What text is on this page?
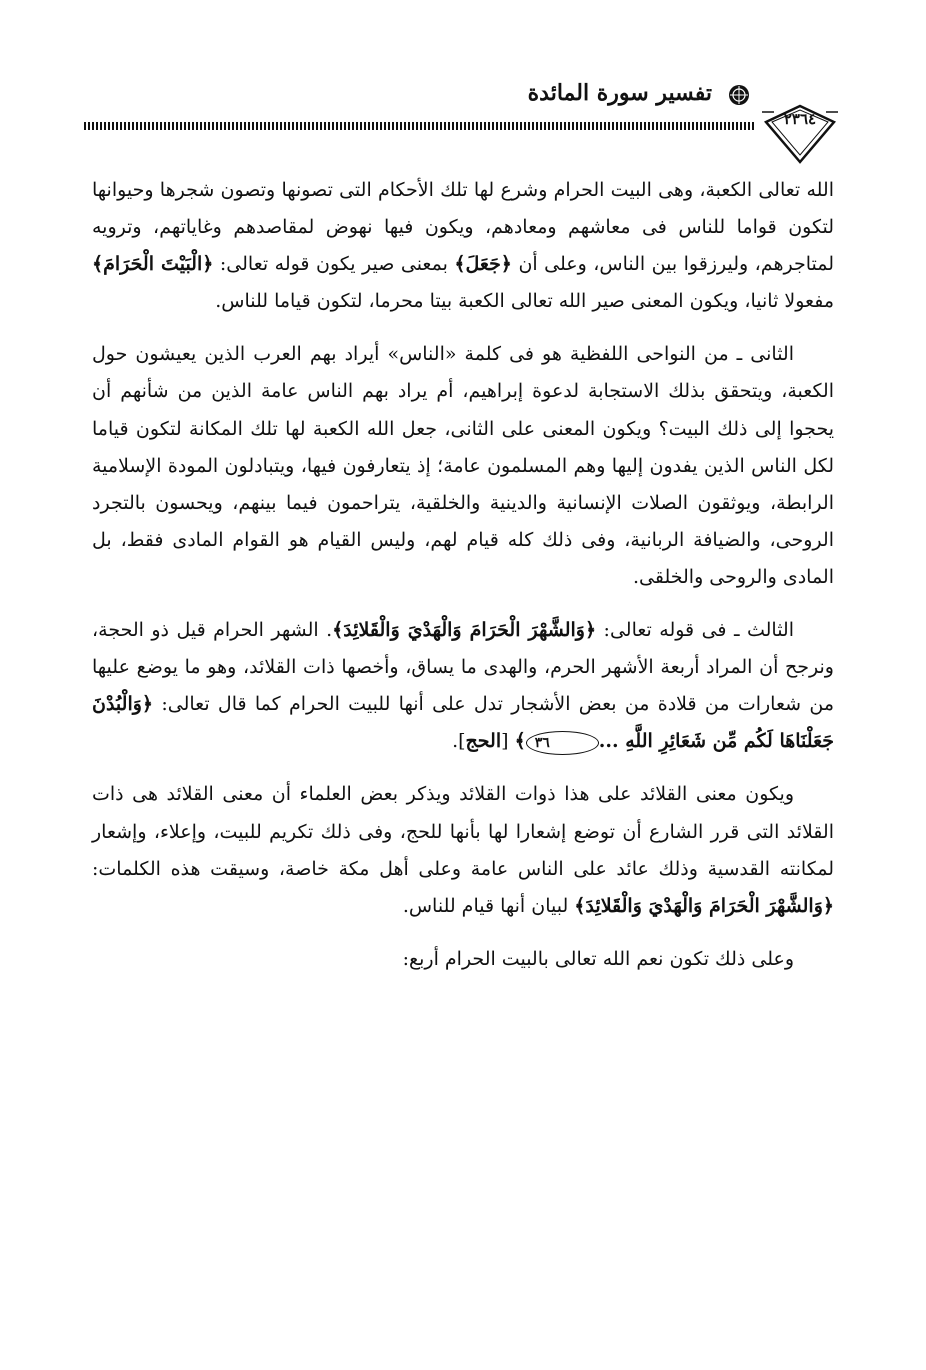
تفسير سورة المائدة
٢٣٦٤

الله تعالى الكعبة، وهى البيت الحرام وشرع لها تلك الأحكام التى تصونها وتصون شجرها وحيوانها لتكون قواما للناس فى معاشهم ومعادهم، ويكون فيها نهوض لمقاصدهم وغاياتهم، وترويه لمتاجرهم، وليرزقوا بين الناس، وعلى أن ﴿جَعَلَ﴾ بمعنى صير يكون قوله تعالى: ﴿الْبَيْتَ الْحَرَامَ﴾ مفعولا ثانيا، ويكون المعنى صير الله تعالى الكعبة بيتا محرما، لتكون قياما للناس.

الثانى ـ من النواحى اللفظية هو فى كلمة «الناس» أيراد بهم العرب الذين يعيشون حول الكعبة، ويتحقق بذلك الاستجابة لدعوة إبراهيم، أم يراد بهم الناس عامة الذين من شأنهم أن يحجوا إلى ذلك البيت؟ ويكون المعنى على الثانى، جعل الله الكعبة لها تلك المكانة لتكون قياما لكل الناس الذين يفدون إليها وهم المسلمون عامة؛ إذ يتعارفون فيها، ويتبادلون المودة الإسلامية الرابطة، ويوثقون الصلات الإنسانية والدينية والخلقية، يتراحمون فيما بينهم، ويحسون بالتجرد الروحى، والضيافة الربانية، وفى ذلك كله قيام لهم، وليس القيام هو القوام المادى فقط، بل المادى والروحى والخلقى.

الثالث ـ فى قوله تعالى: ﴿وَالشَّهْرَ الْحَرَامَ وَالْهَدْيَ وَالْقَلائِدَ﴾. الشهر الحرام قيل ذو الحجة، ونرجح أن المراد أربعة الأشهر الحرم، والهدى ما يساق، وأخصها ذات القلائد، وهو ما يوضع عليها من شعارات من قلادة من بعض الأشجار تدل على أنها للبيت الحرام كما قال تعالى: ﴿وَالْبُدْنَ جَعَلْنَاهَا لَكُم مِّن شَعَائِرِ اللَّهِ ...٣٦﴾ [الحج].

ويكون معنى القلائد على هذا ذوات القلائد ويذكر بعض العلماء أن معنى القلائد هى ذات القلائد التى قرر الشارع أن توضع إشعارا لها بأنها للحج، وفى ذلك تكريم للبيت، وإعلاء، وإشعار لمكانته القدسية وذلك عائد على الناس عامة وعلى أهل مكة خاصة، وسيقت هذه الكلمات: ﴿وَالشَّهْرَ الْحَرَامَ وَالْهَدْيَ وَالْقَلائِدَ﴾ لبيان أنها قيام للناس.

وعلى ذلك تكون نعم الله تعالى بالبيت الحرام أربع:
